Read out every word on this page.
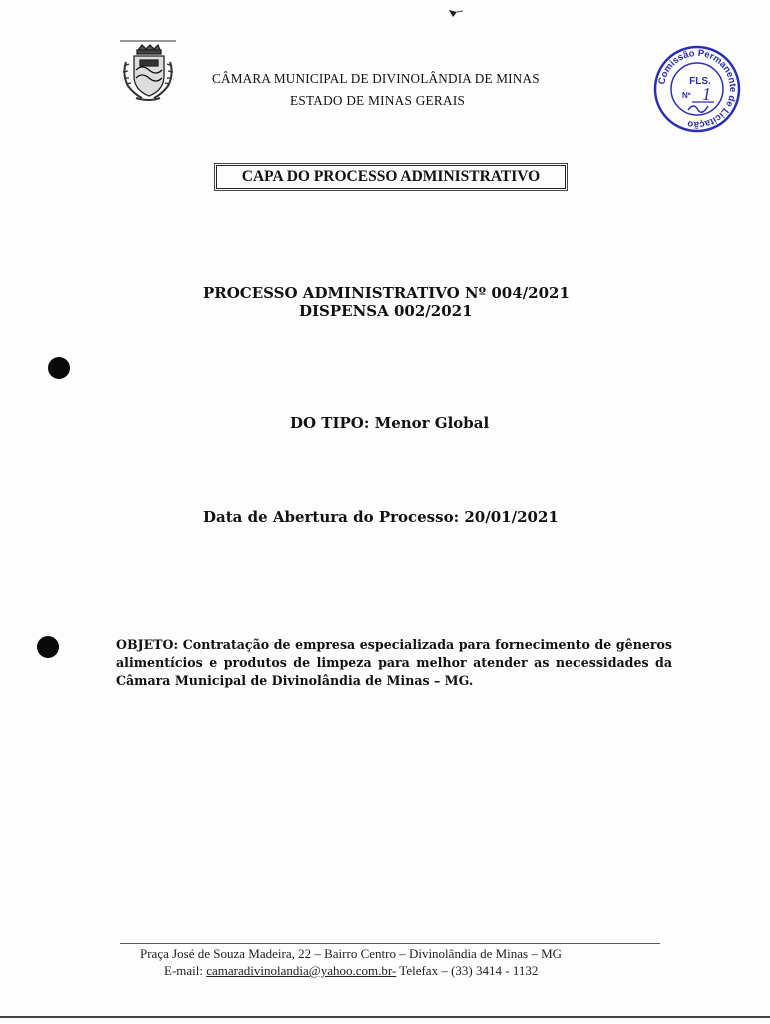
CÂMARA MUNICIPAL DE DIVINOLÂNDIA DE MINAS
ESTADO DE MINAS GERAIS
Comissão Permanente de Licitação
FLS.
Nº 1
CAPA DO PROCESSO ADMINISTRATIVO
PROCESSO ADMINISTRATIVO Nº 004/2021
DISPENSA 002/2021
DO TIPO: Menor Global
Data de Abertura do Processo: 20/01/2021
OBJETO: Contratação de empresa especializada para fornecimento de gêneros alimentícios e produtos de limpeza para melhor atender as necessidades da Câmara Municipal de Divinolândia de Minas – MG.
Praça José de Souza Madeira, 22 – Bairro Centro – Divinolândia de Minas – MG
E-mail: camaradivinolandia@yahoo.com.br- Telefax – (33) 3414 - 1132
